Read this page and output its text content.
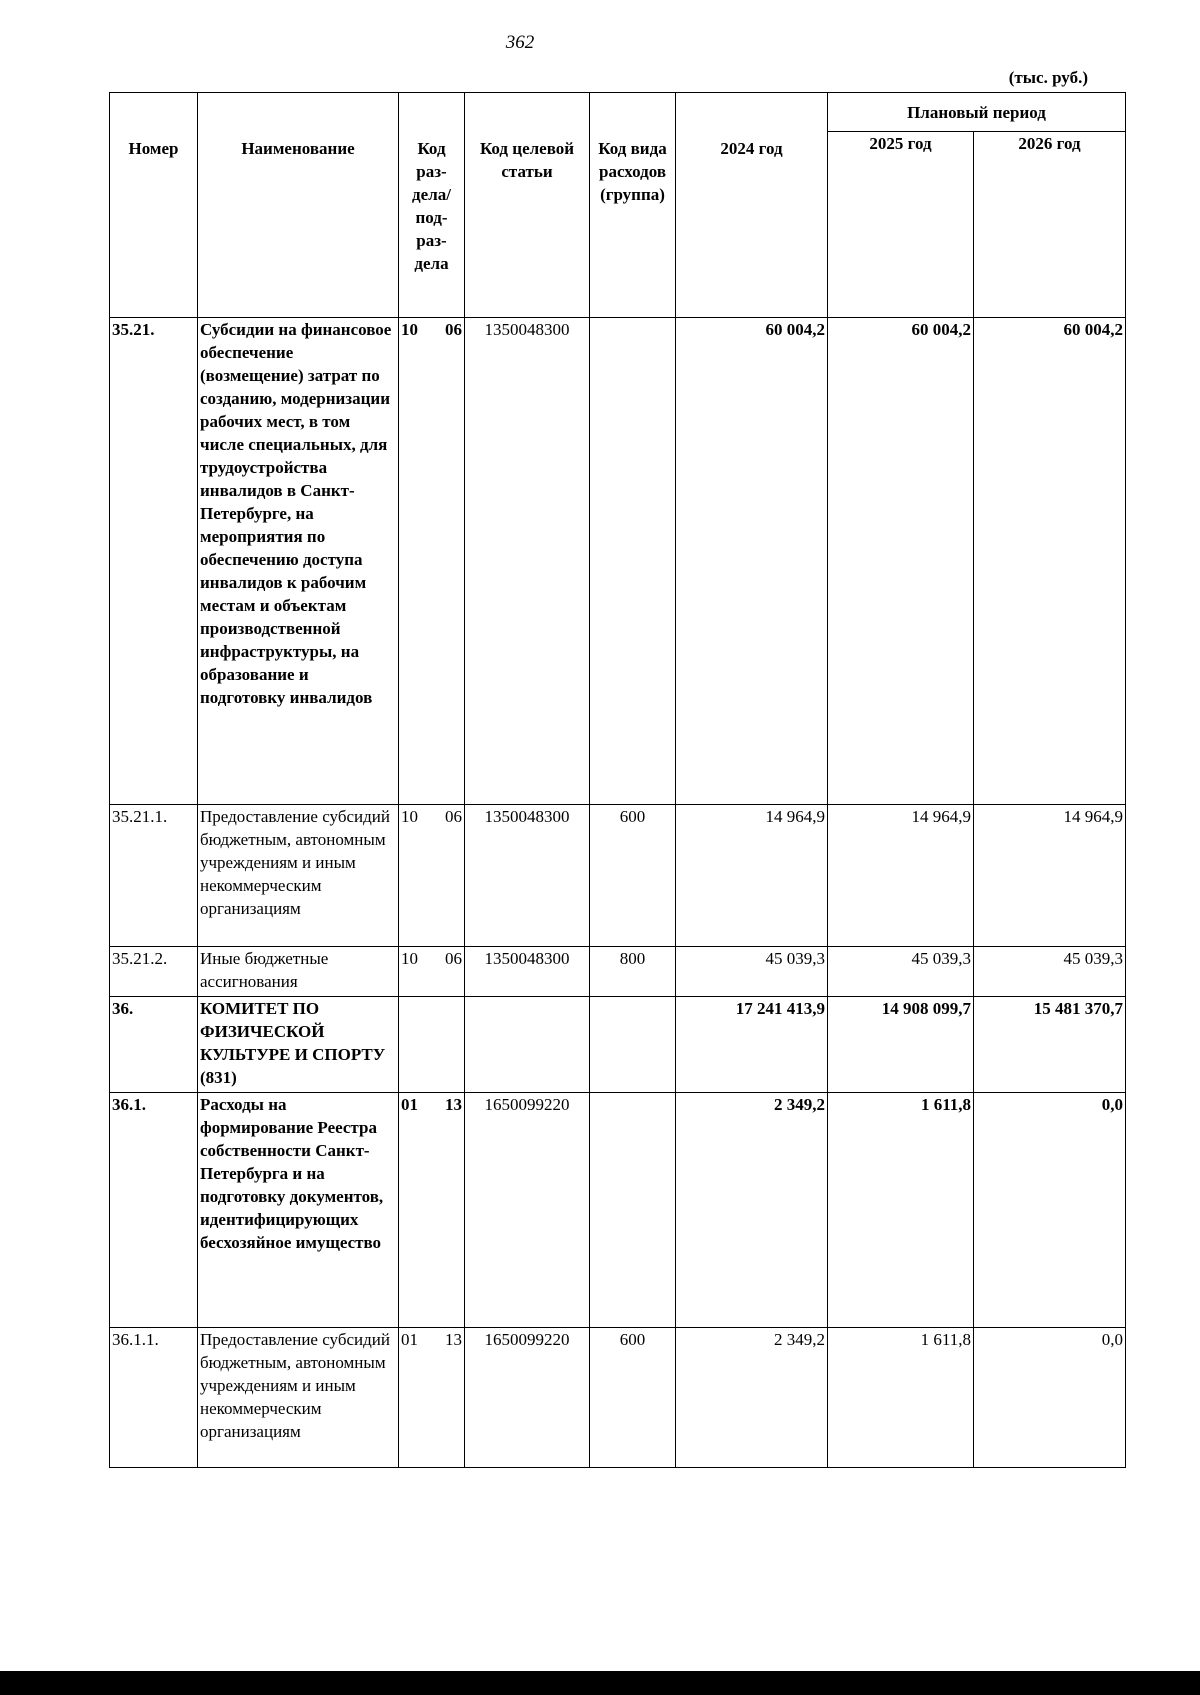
362
(тыс. руб.)
Номер	Наименование	Код раз-дела/ под-раз-дела	Код целевой статьи	Код вида расходов (группа)	2024 год	Плановый период	
						2025 год	2026 год
35.21.	Субсидии на финансовое обеспечение (возмещение) затрат по созданию, модернизации рабочих мест, в том числе специальных, для трудоустройства инвалидов в Санкт-Петербурге, на мероприятия по обеспечению доступа инвалидов к рабочим местам и объектам производственной инфраструктуры, на образование и подготовку инвалидов	10 06	1350048300		60 004,2	60 004,2	60 004,2
35.21.1.	Предоставление субсидий бюджетным, автономным учреждениям и иным некоммерческим организациям	10 06	1350048300	600	14 964,9	14 964,9	14 964,9
35.21.2.	Иные бюджетные ассигнования	10 06	1350048300	800	45 039,3	45 039,3	45 039,3
36.	КОМИТЕТ ПО ФИЗИЧЕСКОЙ КУЛЬТУРЕ И СПОРТУ (831)				17 241 413,9	14 908 099,7	15 481 370,7
36.1.	Расходы на формирование Реестра собственности Санкт-Петербурга и на подготовку документов, идентифицирующих бесхозяйное имущество	01 13	1650099220		2 349,2	1 611,8	0,0
36.1.1.	Предоставление субсидий бюджетным, автономным учреждениям и иным некоммерческим организациям	01 13	1650099220	600	2 349,2	1 611,8	0,0
